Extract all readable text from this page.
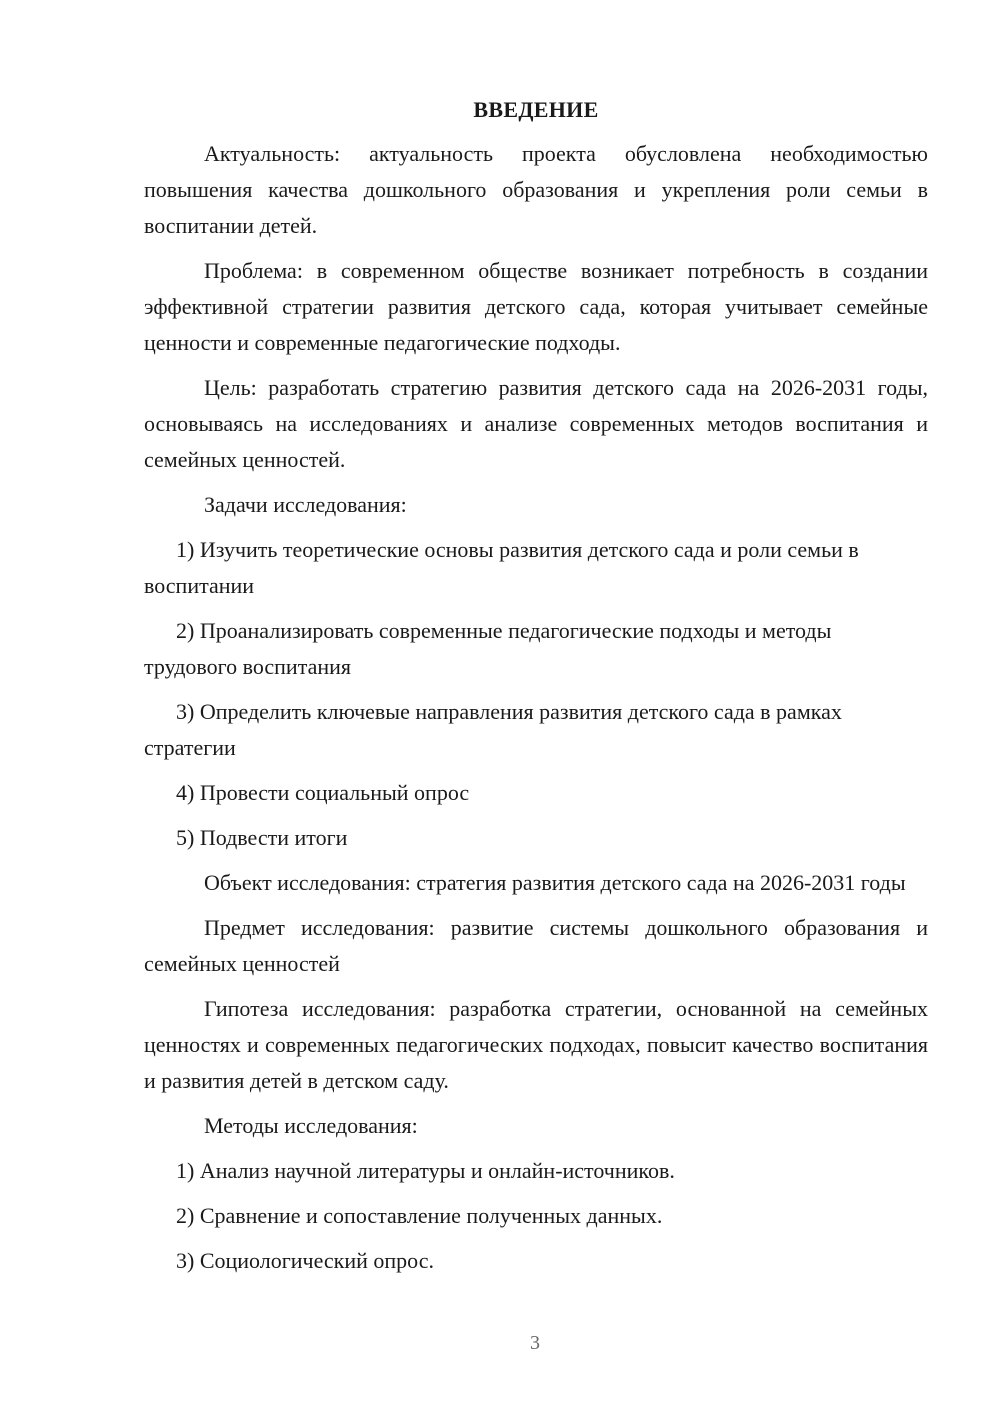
ВВЕДЕНИЕ
Актуальность: актуальность проекта обусловлена необходимостью повышения качества дошкольного образования и укрепления роли семьи в воспитании детей.
Проблема: в современном обществе возникает потребность в создании эффективной стратегии развития детского сада, которая учитывает семейные ценности и современные педагогические подходы.
Цель: разработать стратегию развития детского сада на 2026-2031 годы, основываясь на исследованиях и анализе современных методов воспитания и семейных ценностей.
Задачи исследования:
1) Изучить теоретические основы развития детского сада и роли семьи в воспитании
2) Проанализировать современные педагогические подходы и методы трудового воспитания
3) Определить ключевые направления развития детского сада в рамках стратегии
4) Провести социальный опрос
5) Подвести итоги
Объект исследования: стратегия развития детского сада на 2026-2031 годы
Предмет исследования: развитие системы дошкольного образования и семейных ценностей
Гипотеза исследования: разработка стратегии, основанной на семейных ценностях и современных педагогических подходах, повысит качество воспитания и развития детей в детском саду.
Методы исследования:
1) Анализ научной литературы и онлайн-источников.
2) Сравнение и сопоставление полученных данных.
3) Социологический опрос.
3
